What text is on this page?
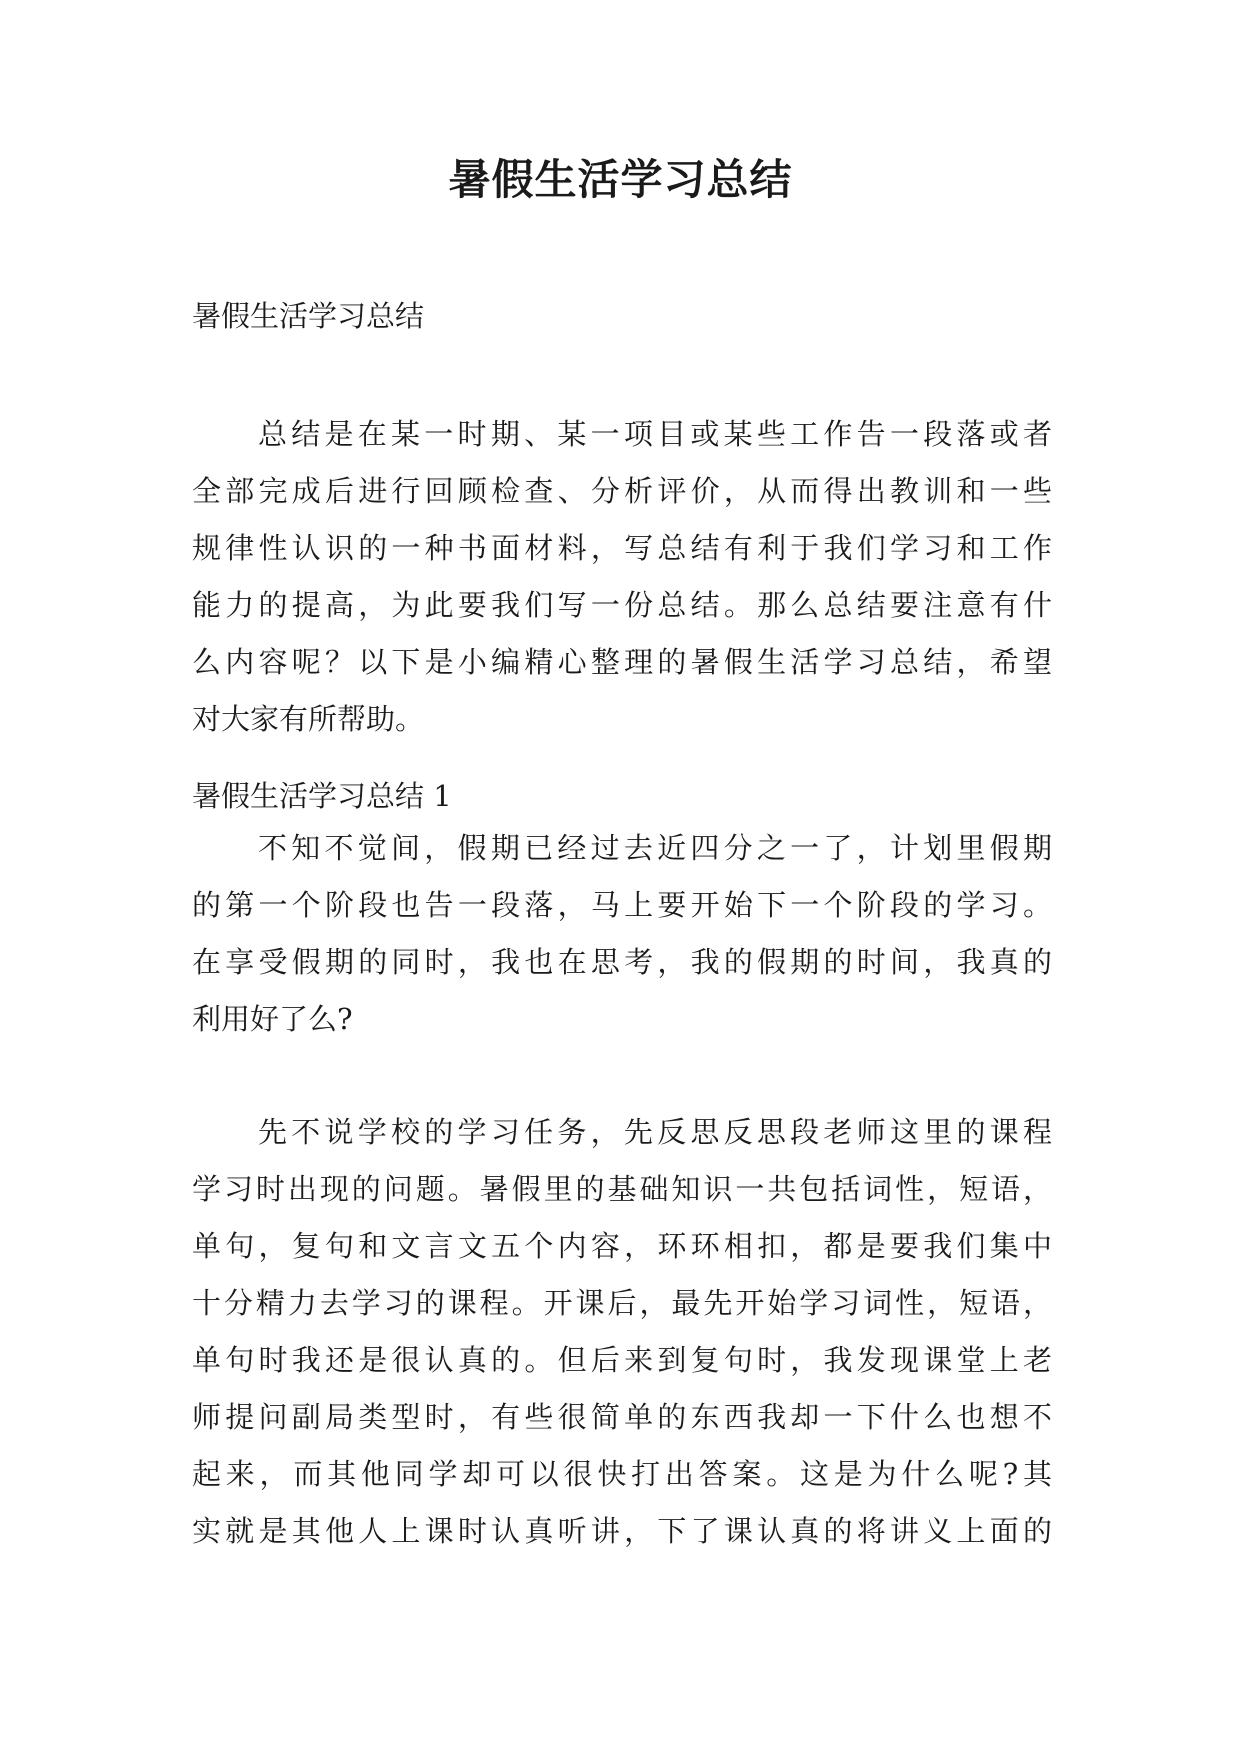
暑假生活学习总结

暑假生活学习总结

总结是在某一时期、某一项目或某些工作告一段落或者
全部完成后进行回顾检查、分析评价，从而得出教训和一些
规律性认识的一种书面材料，写总结有利于我们学习和工作
能力的提高，为此要我们写一份总结。那么总结要注意有什
么内容呢？以下是小编精心整理的暑假生活学习总结，希望
对大家有所帮助。

暑假生活学习总结 1

不知不觉间，假期已经过去近四分之一了，计划里假期
的第一个阶段也告一段落，马上要开始下一个阶段的学习。
在享受假期的同时，我也在思考，我的假期的时间，我真的
利用好了么?

先不说学校的学习任务，先反思反思段老师这里的课程
学习时出现的问题。暑假里的基础知识一共包括词性，短语，
单句，复句和文言文五个内容，环环相扣，都是要我们集中
十分精力去学习的课程。开课后，最先开始学习词性，短语，
单句时我还是很认真的。但后来到复句时，我发现课堂上老
师提问副局类型时，有些很简单的东西我却一下什么也想不
起来，而其他同学却可以很快打出答案。这是为什么呢?其
实就是其他人上课时认真听讲，下了课认真的将讲义上面的
